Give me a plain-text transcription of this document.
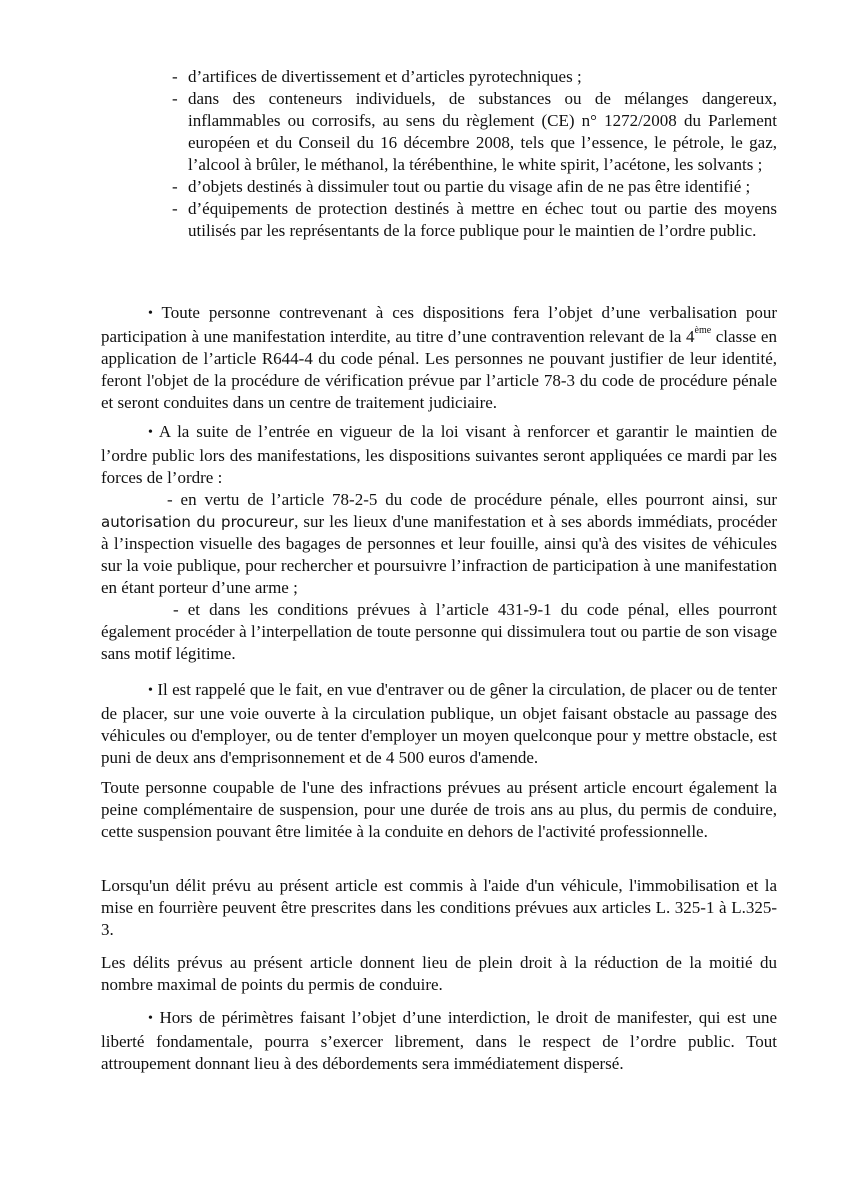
- d’artifices de divertissement et d’articles pyrotechniques ;
- dans des conteneurs individuels, de substances ou de mélanges dangereux, inflammables ou corrosifs, au sens du règlement (CE) n° 1272/2008 du Parlement européen et du Conseil du 16 décembre 2008, tels que l’essence, le pétrole, le gaz, l’alcool à brûler, le méthanol, la térébenthine, le white spirit, l’acétone, les solvants ;
- d’objets destinés à dissimuler tout ou partie du visage afin de ne pas être identifié ;
- d’équipements de protection destinés à mettre en échec tout ou partie des moyens utilisés par les représentants de la force publique pour le maintien de l’ordre public.

• Toute personne contrevenant à ces dispositions fera l’objet d’une verbalisation pour participation à une manifestation interdite, au titre d’une contravention relevant de la 4ème classe en application de l’article R644-4 du code pénal. Les personnes ne pouvant justifier de leur identité, feront l'objet de la procédure de vérification prévue par l’article 78-3 du code de procédure pénale et seront conduites dans un centre de traitement judiciaire.

• A la suite de l’entrée en vigueur de la loi visant à renforcer et garantir le maintien de l’ordre public lors des manifestations, les dispositions suivantes seront appliquées ce mardi par les forces de l’ordre :

- en vertu de l’article 78-2-5 du code de procédure pénale, elles pourront ainsi, sur autorisation du procureur, sur les lieux d'une manifestation et à ses abords immédiats, procéder à l’inspection visuelle des bagages de personnes et leur fouille, ainsi qu'à des visites de véhicules sur la voie publique, pour rechercher et poursuivre l’infraction de participation à une manifestation en étant porteur d’une arme ;

- et dans les conditions prévues à l’article 431-9-1 du code pénal, elles pourront également procéder à l’interpellation de toute personne qui dissimulera tout ou partie de son visage sans motif légitime.

• Il est rappelé que le fait, en vue d'entraver ou de gêner la circulation, de placer ou de tenter de placer, sur une voie ouverte à la circulation publique, un objet faisant obstacle au passage des véhicules ou d'employer, ou de tenter d'employer un moyen quelconque pour y mettre obstacle, est puni de deux ans d'emprisonnement et de 4 500 euros d'amende.

Toute personne coupable de l'une des infractions prévues au présent article encourt également la peine complémentaire de suspension, pour une durée de trois ans au plus, du permis de conduire, cette suspension pouvant être limitée à la conduite en dehors de l'activité professionnelle.

Lorsqu'un délit prévu au présent article est commis à l'aide d'un véhicule, l'immobilisation et la mise en fourrière peuvent être prescrites dans les conditions prévues aux articles L. 325-1 à L.325-3.

Les délits prévus au présent article donnent lieu de plein droit à la réduction de la moitié du nombre maximal de points du permis de conduire.

• Hors de périmètres faisant l’objet d’une interdiction, le droit de manifester, qui est une liberté fondamentale, pourra s’exercer librement, dans le respect de l’ordre public. Tout attroupement donnant lieu à des débordements sera immédiatement dispersé.
